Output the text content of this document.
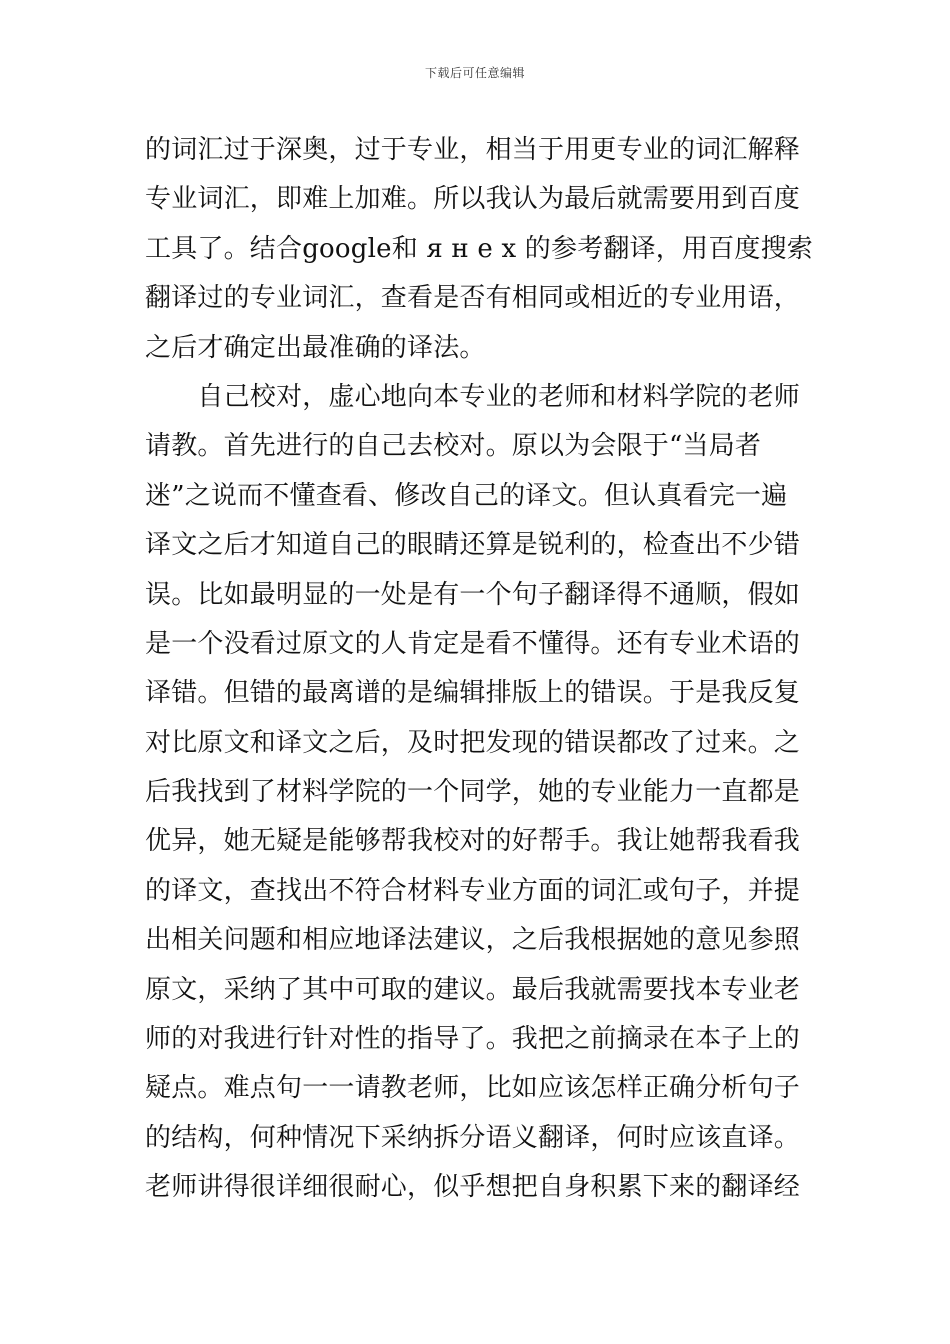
下载后可任意编辑
的词汇过于深奥，过于专业，相当于用更专业的词汇解释
专业词汇，即难上加难。所以我认为最后就需要用到百度
工具了。结合google和 я н е х 的参考翻译，用百度搜索
翻译过的专业词汇，查看是否有相同或相近的专业用语，
之后才确定出最准确的译法。
　　自己校对，虚心地向本专业的老师和材料学院的老师
请教。首先进行的自己去校对。原以为会限于“当局者
迷”之说而不懂查看、修改自己的译文。但认真看完一遍
译文之后才知道自己的眼睛还算是锐利的，检查出不少错
误。比如最明显的一处是有一个句子翻译得不通顺，假如
是一个没看过原文的人肯定是看不懂得。还有专业术语的
译错。但错的最离谱的是编辑排版上的错误。于是我反复
对比原文和译文之后，及时把发现的错误都改了过来。之
后我找到了材料学院的一个同学，她的专业能力一直都是
优异，她无疑是能够帮我校对的好帮手。我让她帮我看我
的译文，查找出不符合材料专业方面的词汇或句子，并提
出相关问题和相应地译法建议，之后我根据她的意见参照
原文，采纳了其中可取的建议。最后我就需要找本专业老
师的对我进行针对性的指导了。我把之前摘录在本子上的
疑点。难点句一一请教老师，比如应该怎样正确分析句子
的结构，何种情况下采纳拆分语义翻译，何时应该直译。
老师讲得很详细很耐心，似乎想把自身积累下来的翻译经
